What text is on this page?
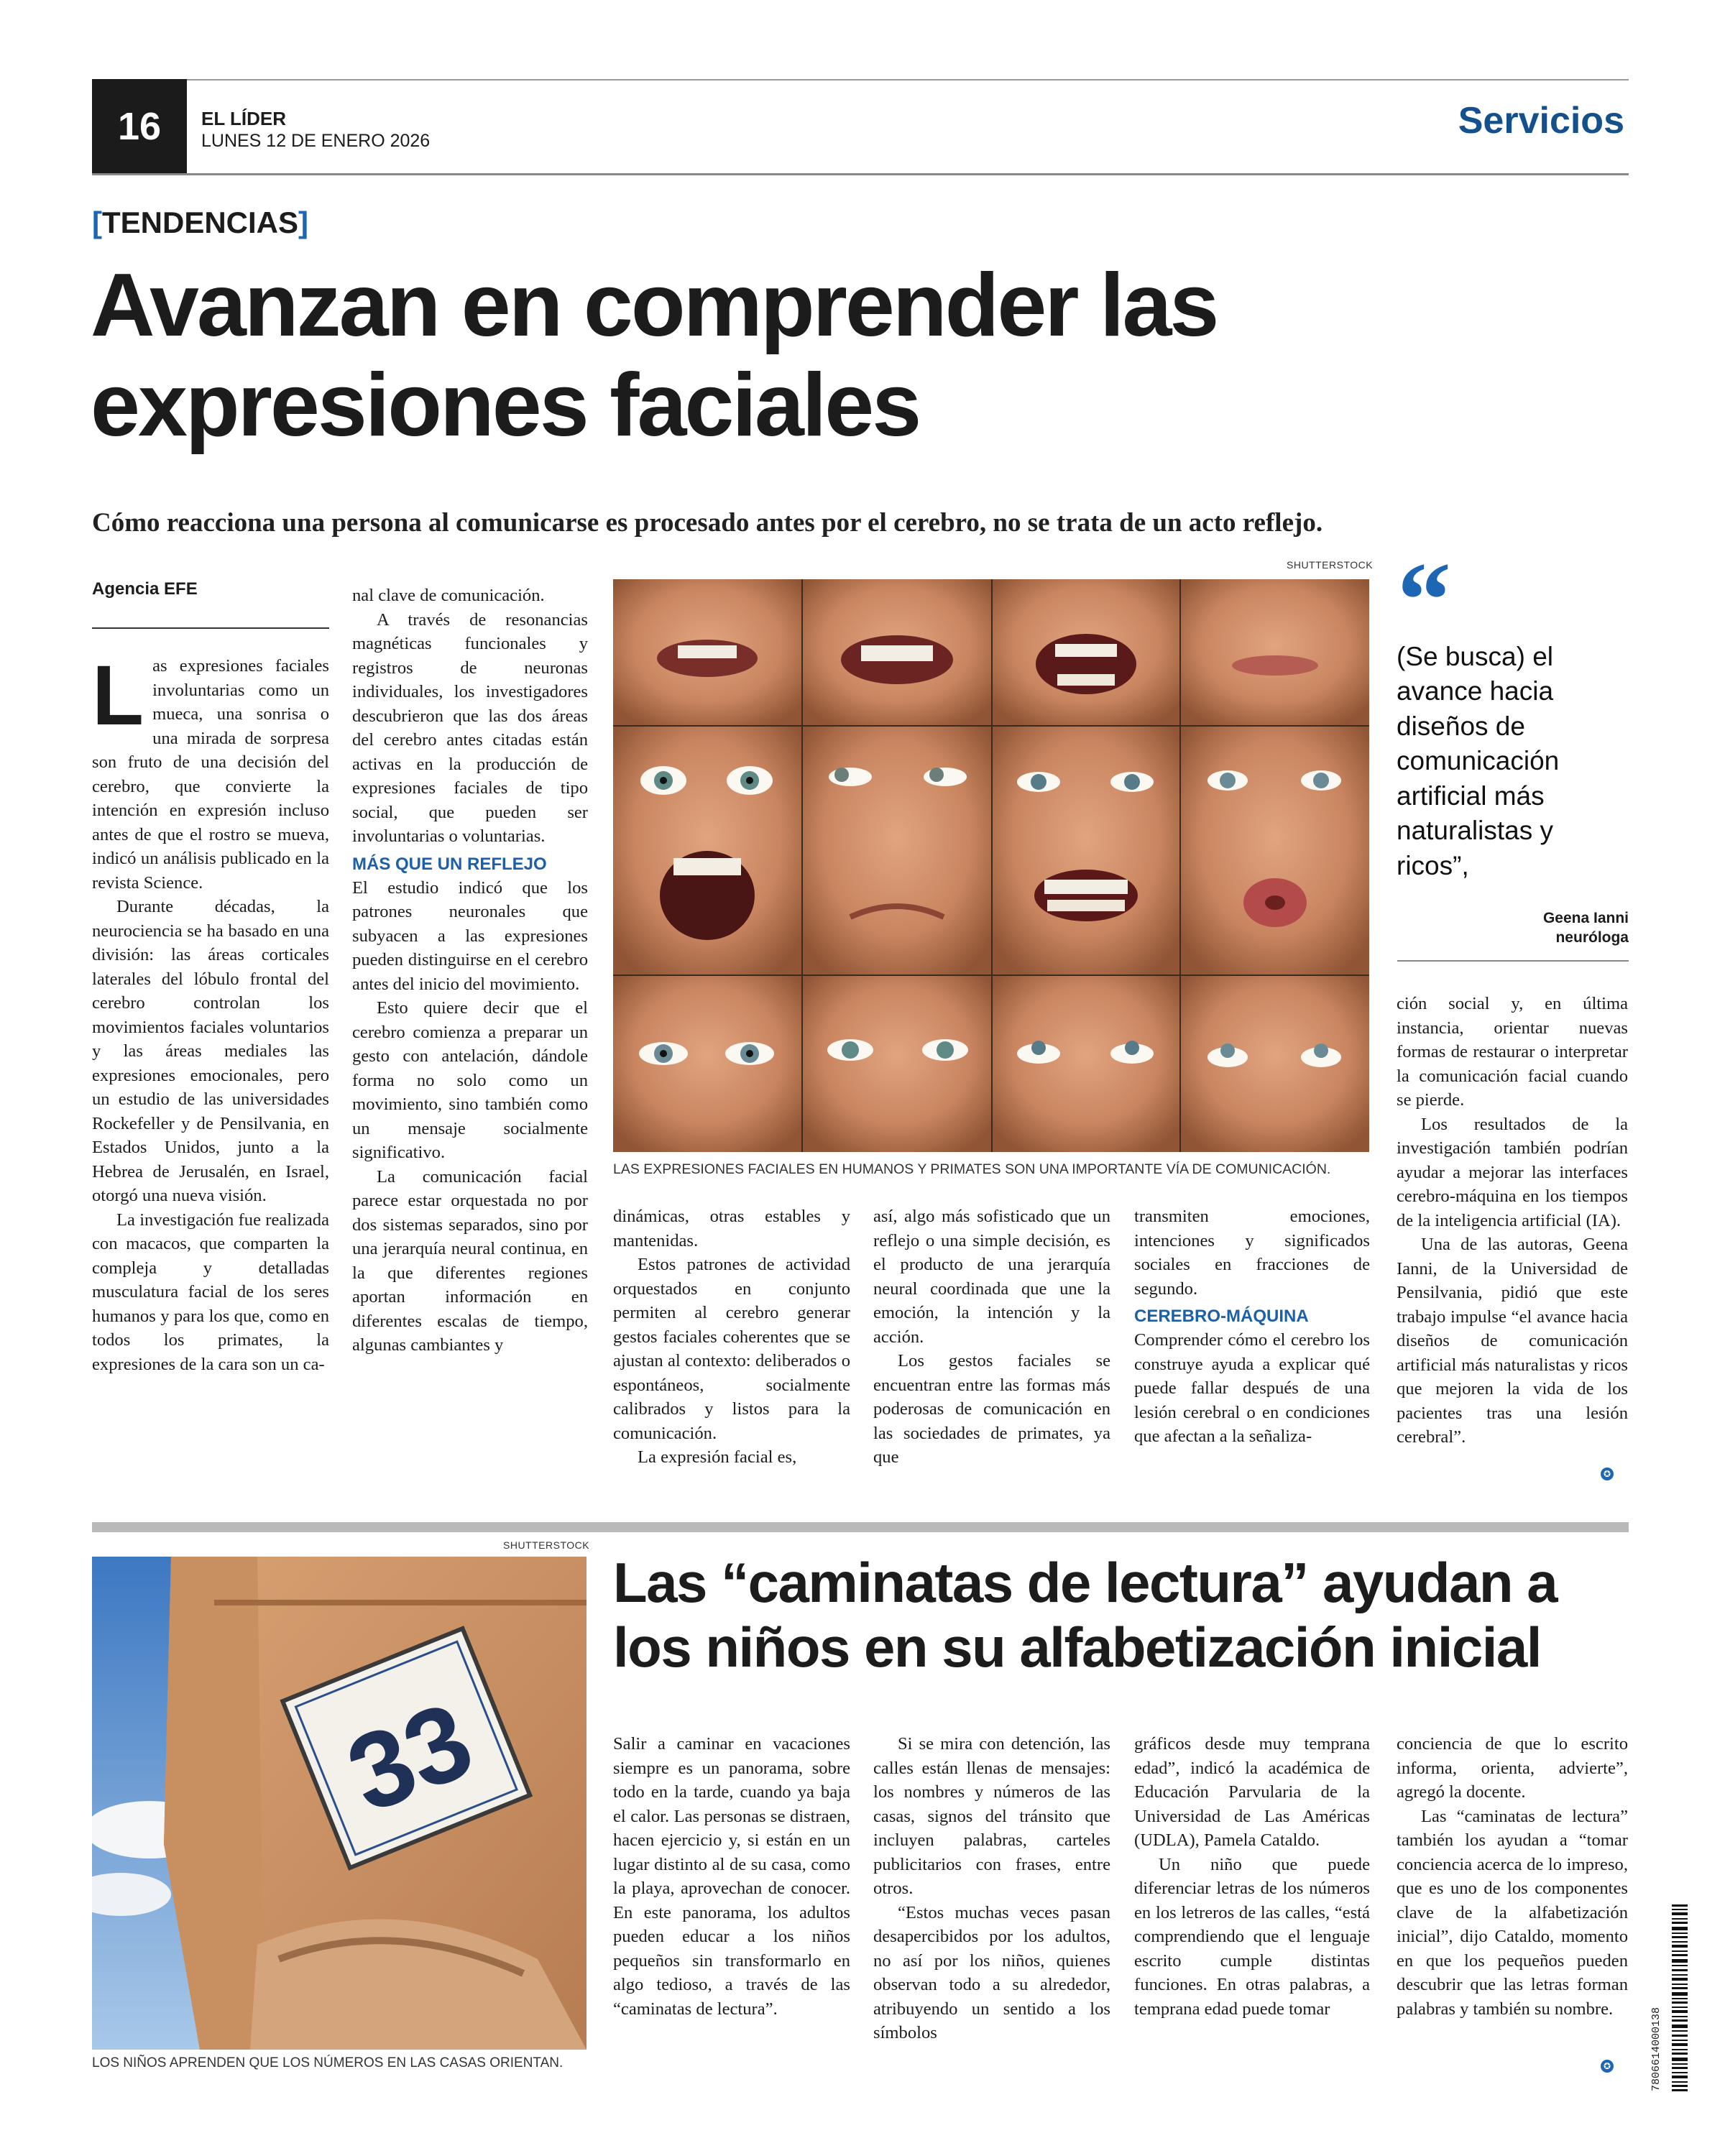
16	EL LÍDER
LUNES 12 DE ENERO 2026	Servicios
[TENDENCIAS]
Avanzan en comprender las expresiones faciales

Cómo reacciona una persona al comunicarse es procesado antes por el cerebro, no se trata de un acto reflejo.

Agencia EFE

Las expresiones faciales involuntarias como un mueca, una sonrisa o una mirada de sorpresa son fruto de una decisión del cerebro, que convierte la intención en expresión incluso antes de que el rostro se mueva, indicó un análisis publicado en la revista Science.

Durante décadas, la neurociencia se ha basado en una división: las áreas corticales laterales del lóbulo frontal del cerebro controlan los movimientos faciales voluntarios y las áreas mediales las expresiones emocionales, pero un estudio de las universidades Rockefeller y de Pensilvania, en Estados Unidos, junto a la Hebrea de Jerusalén, en Israel, otorgó una nueva visión.

La investigación fue realizada con macacos, que comparten la compleja y detalladas musculatura facial de los seres humanos y para los que, como en todos los primates, la expresiones de la cara son un ca-

nal clave de comunicación.

A través de resonancias magnéticas funcionales y registros de neuronas individuales, los investigadores descubrieron que las dos áreas del cerebro antes citadas están activas en la producción de expresiones faciales de tipo social, que pueden ser involuntarias o voluntarias.

MÁS QUE UN REFLEJO

El estudio indicó que los patrones neuronales que subyacen a las expresiones pueden distinguirse en el cerebro antes del inicio del movimiento.

Esto quiere decir que el cerebro comienza a preparar un gesto con antelación, dándole forma no solo como un movimiento, sino también como un mensaje socialmente significativo.

La comunicación facial parece estar orquestada no por dos sistemas separados, sino por una jerarquía neural continua, en la que diferentes regiones aportan información en diferentes escalas de tiempo, algunas cambiantes y

SHUTTERSTOCK
LAS EXPRESIONES FACIALES EN HUMANOS Y PRIMATES SON UNA IMPORTANTE VÍA DE COMUNICACIÓN.

dinámicas, otras estables y mantenidas.

Estos patrones de actividad orquestados en conjunto permiten al cerebro generar gestos faciales coherentes que se ajustan al contexto: deliberados o espontáneos, socialmente calibrados y listos para la comunicación.

La expresión facial es,

así, algo más sofisticado que un reflejo o una simple decisión, es el producto de una jerarquía neural coordinada que une la emoción, la intención y la acción.

Los gestos faciales se encuentran entre las formas más poderosas de comunicación en las sociedades de primates, ya que

transmiten emociones, intenciones y significados sociales en fracciones de segundo.

CEREBRO-MÁQUINA

Comprender cómo el cerebro los construye ayuda a explicar qué puede fallar después de una lesión cerebral o en condiciones que afectan a la señaliza-

“
(Se busca) el avance hacia diseños de comunicación artificial más naturalistas y ricos”,
Geena Ianni
neuróloga

ción social y, en última instancia, orientar nuevas formas de restaurar o interpretar la comunicación facial cuando se pierde.

Los resultados de la investigación también podrían ayudar a mejorar las interfaces cerebro-máquina en los tiempos de la inteligencia artificial (IA).

Una de las autoras, Geena Ianni, de la Universidad de Pensilvania, pidió que este trabajo impulse “el avance hacia diseños de comunicación artificial más naturalistas y ricos que mejoren la vida de los pacientes tras una lesión cerebral”.

✪
SHUTTERSTOCK
33
LOS NIÑOS APRENDEN QUE LOS NÚMEROS EN LAS CASAS ORIENTAN.
Las “caminatas de lectura” ayudan a los niños en su alfabetización inicial

Salir a caminar en vacaciones siempre es un panorama, sobre todo en la tarde, cuando ya baja el calor. Las personas se distraen, hacen ejercicio y, si están en un lugar distinto al de su casa, como la playa, aprovechan de conocer. En este panorama, los adultos pueden educar a los niños pequeños sin transformarlo en algo tedioso, a través de las “caminatas de lectura”.

Si se mira con detención, las calles están llenas de mensajes: los nombres y números de las casas, signos del tránsito que incluyen palabras, carteles publicitarios con frases, entre otros.

“Estos muchas veces pasan desapercibidos por los adultos, no así por los niños, quienes observan todo a su alrededor, atribuyendo un sentido a los símbolos

gráficos desde muy temprana edad”, indicó la académica de Educación Parvularia de la Universidad de Las Américas (UDLA), Pamela Cataldo.

Un niño que puede diferenciar letras de los números en los letreros de las calles, “está comprendiendo que el lenguaje escrito cumple distintas funciones. En otras palabras, a temprana edad puede tomar

conciencia de que lo escrito informa, orienta, advierte”, agregó la docente.

Las “caminatas de lectura” también los ayudan a “tomar conciencia acerca de lo impreso, que es uno de los componentes clave de la alfabetización inicial”, dijo Cataldo, momento en que los pequeños pueden descubrir que las letras forman palabras y también su nombre.

✪	7806614000138
